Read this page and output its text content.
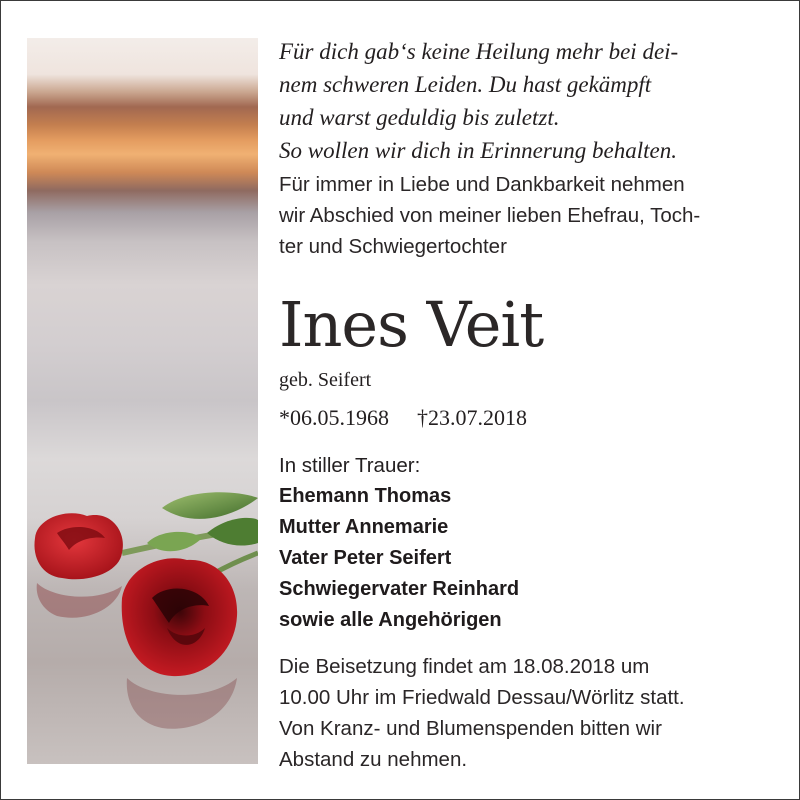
Für dich gab‘s keine Heilung mehr bei dei-
nem schweren Leiden. Du hast gekämpft
und warst geduldig bis zuletzt.
So wollen wir dich in Erinnerung behalten.

Für immer in Liebe und Dankbarkeit nehmen
wir Abschied von meiner lieben Ehefrau, Toch-
ter und Schwiegertochter

Ines Veit

geb. Seifert

*06.05.1968 †23.07.2018

In stiller Trauer:

Ehemann Thomas
Mutter Annemarie
Vater Peter Seifert
Schwiegervater Reinhard
sowie alle Angehörigen

Die Beisetzung findet am 18.08.2018 um
10.00 Uhr im Friedwald Dessau/Wörlitz statt.
Von Kranz- und Blumenspenden bitten wir
Abstand zu nehmen.
